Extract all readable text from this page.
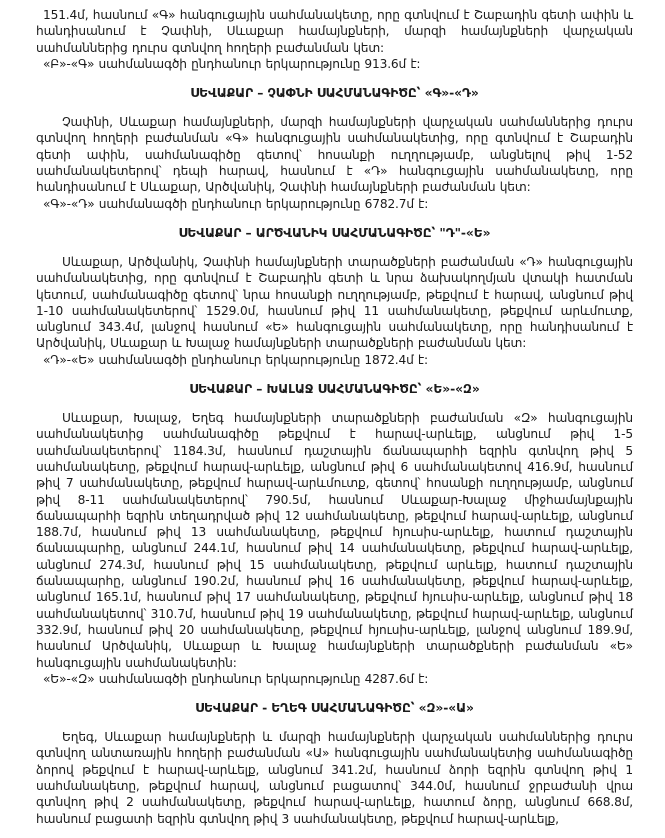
151.4մ, հասնում «Գ» հանգուցային սահմանակետը, որը գտնվում է Շաբադին գետի ափին և հանդիսանում է Չափնի, Սևաքար համայնքների, մարզի համայնքների վարչական սահմաններից դուրս գտնվող հողերի բաժանման կետ:

«Բ»-«Գ» սահմանագծի ընդհանուր երկարությունը 913.6մ է:

ՍԵՎԱՔԱՐ – ՉԱՓՆԻ ՍԱՀՄԱՆԱԳԻԾԸ՝ «Գ»-«Դ»

Չափնի, Սևաքար համայնքների, մարզի համայնքների վարչական սահմաններից դուրս գտնվող հողերի բաժանման «Գ» հանգուցային սահմանակետից, որը գտնվում է Շաբադին գետի ափին, սահմանագիծը գետով՝ հոսանքի ուղղությամբ, անցնելով թիվ 1-52 սահմանակետերով՝ դեպի հարավ, հասնում է «Դ» հանգուցային սահմանակետը, որը հանդիսանում է Սևաքար, Արծվանիկ, Չափնի համայնքների բաժանման կետ:

«Գ»-«Դ» սահմանագծի ընդհանուր երկարությունը 6782.7մ է:

ՍԵՎԱՔԱՐ – ԱՐԾՎԱՆԻԿ ՍԱՀՄԱՆԱԳԻԾԸ՝ "Դ"-«Ե»

Սևաքար, Արծվանիկ, Չափնի համայնքների տարածքների բաժանման «Դ» հանգուցային սահմանակետից, որը գտնվում է Շաբադին գետի և նրա ձախակողմյան վտակի հատման կետում, սահմանագիծը գետով՝ նրա հոսանքի ուղղությամբ, թեքվում է հարավ, անցնում թիվ 1-10 սահմանակետերով՝ 1529.0մ, հասնում թիվ 11 սահմանակետը, թեքվում արևմուտք, անցնում 343.4մ, լանջով հասնում «Ե» հանգուցային սահմանակետը, որը հանդիսանում է Արծվանիկ, Սևաքար և Խալաջ համայնքների տարածքների բաժանման կետ:

«Դ»-«Ե» սահմանագծի ընդհանուր երկարությունը 1872.4մ է:

ՍԵՎԱՔԱՐ – ԽԱԼԱՋ ՍԱՀՄԱՆԱԳԻԾԸ՝ «Ե»-«Զ»

Սևաքար, Խալաջ, Եղեգ համայնքների տարածքների բաժանման «Զ» հանգուցային սահմանակետից սահմանագիծը թեքվում է հարավ-արևելք, անցնում թիվ 1-5 սահմանակետերով՝ 1184.3մ, հասնում դաշտային ճանապարհի եզրին գտնվող թիվ 5 սահմանակետը, թեքվում հարավ-արևելք, անցնում թիվ 6 սահմանակետով 416.9մ, հասնում թիվ 7 սահմանակետը, թեքվում հարավ-արևմուտք, գետով՝ հոսանքի ուղղությամբ, անցնում թիվ 8-11 սահմանակետերով՝ 790.5մ, հասնում Սևաքար-Խալաջ միջհամայնքային ճանապարհի եզրին տեղադրված թիվ 12 սահմանակետը, թեքվում հարավ-արևելք, անցնում 188.7մ, հասնում թիվ 13 սահմանակետը, թեքվում հյուսիս-արևելք, հատում դաշտային ճանապարհը, անցնում 244.1մ, հասնում թիվ 14 սահմանակետը, թեքվում հարավ-արևելք, անցնում 274.3մ, հասնում թիվ 15 սահմանակետը, թեքվում արևելք, հատում դաշտային ճանապարհը, անցնում 190.2մ, հասնում թիվ 16 սահմանակետը, թեքվում հարավ-արևելք, անցնում 165.1մ, հասնում թիվ 17 սահմանակետը, թեքվում հյուսիս-արևելք, անցնում թիվ 18 սահմանակետով՝ 310.7մ, հասնում թիվ 19 սահմանակետը, թեքվում հարավ-արևելք, անցնում 332.9մ, հասնում թիվ 20 սահմանակետը, թեքվում հյուսիս-արևելք, լանջով անցնում 189.9մ, հասնում Արծվանիկ, Սևաքար և Խալաջ համայնքների տարածքների բաժանման «Ե» հանգուցային սահմանակետին:

«Ե»-«Զ» սահմանագծի ընդհանուր երկարությունը 4287.6մ է:

ՍԵՎԱՔԱՐ - ԵՂԵԳ ՍԱՀՄԱՆԱԳԻԾԸ՝ «Զ»-«Ա»

Եղեգ, Սևաքար համայնքների և մարզի համայնքների վարչական սահմաններից դուրս գտնվող անտառային հողերի բաժանման «Ա» հանգուցային սահմանակետից սահմանագիծը ձորով թեքվում է հարավ-արևելք, անցնում 341.2մ, հասնում ձորի եզրին գտնվող թիվ 1 սահմանակետը, թեքվում հարավ, անցնում բացատով՝ 344.0մ, հասնում ջրբաժանի վրա գտնվող թիվ 2 սահմանակետը, թեքվում հարավ-արևելք, հատում ձորը, անցնում 668.8մ, հասնում բացատի եզրին գտնվող թիվ 3 սահմանակետը, թեքվում հարավ-արևելք,
